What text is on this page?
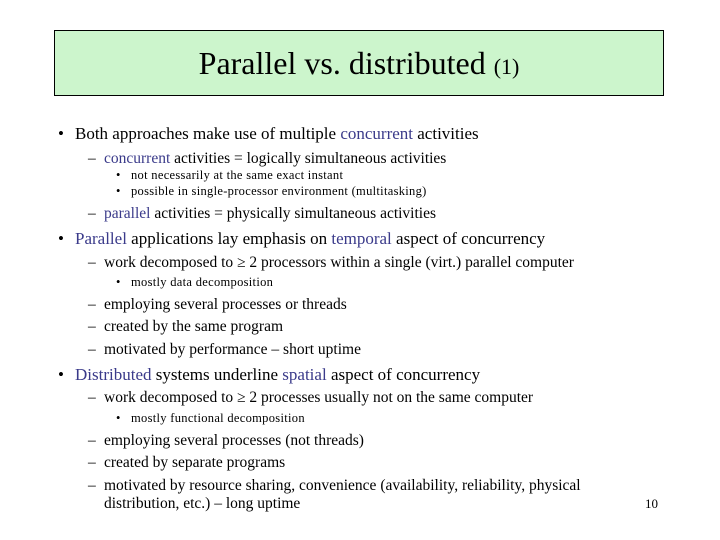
Parallel vs. distributed (1)
• Both approaches make use of multiple concurrent activities
– concurrent activities = logically simultaneous activities
• not necessarily at the same exact instant
• possible in single-processor environment (multitasking)
– parallel activities = physically simultaneous activities
• Parallel applications lay emphasis on temporal aspect of concurrency
– work decomposed to ≥ 2 processors within a single (virt.) parallel computer
• mostly data decomposition
– employing several processes or threads
– created by the same program
– motivated by performance – short uptime
• Distributed systems underline spatial aspect of concurrency
– work decomposed to ≥ 2 processes usually not on the same computer
• mostly functional decomposition
– employing several processes (not threads)
– created by separate programs
– motivated by resource sharing, convenience (availability, reliability, physical
distribution, etc.) – long uptime	10
